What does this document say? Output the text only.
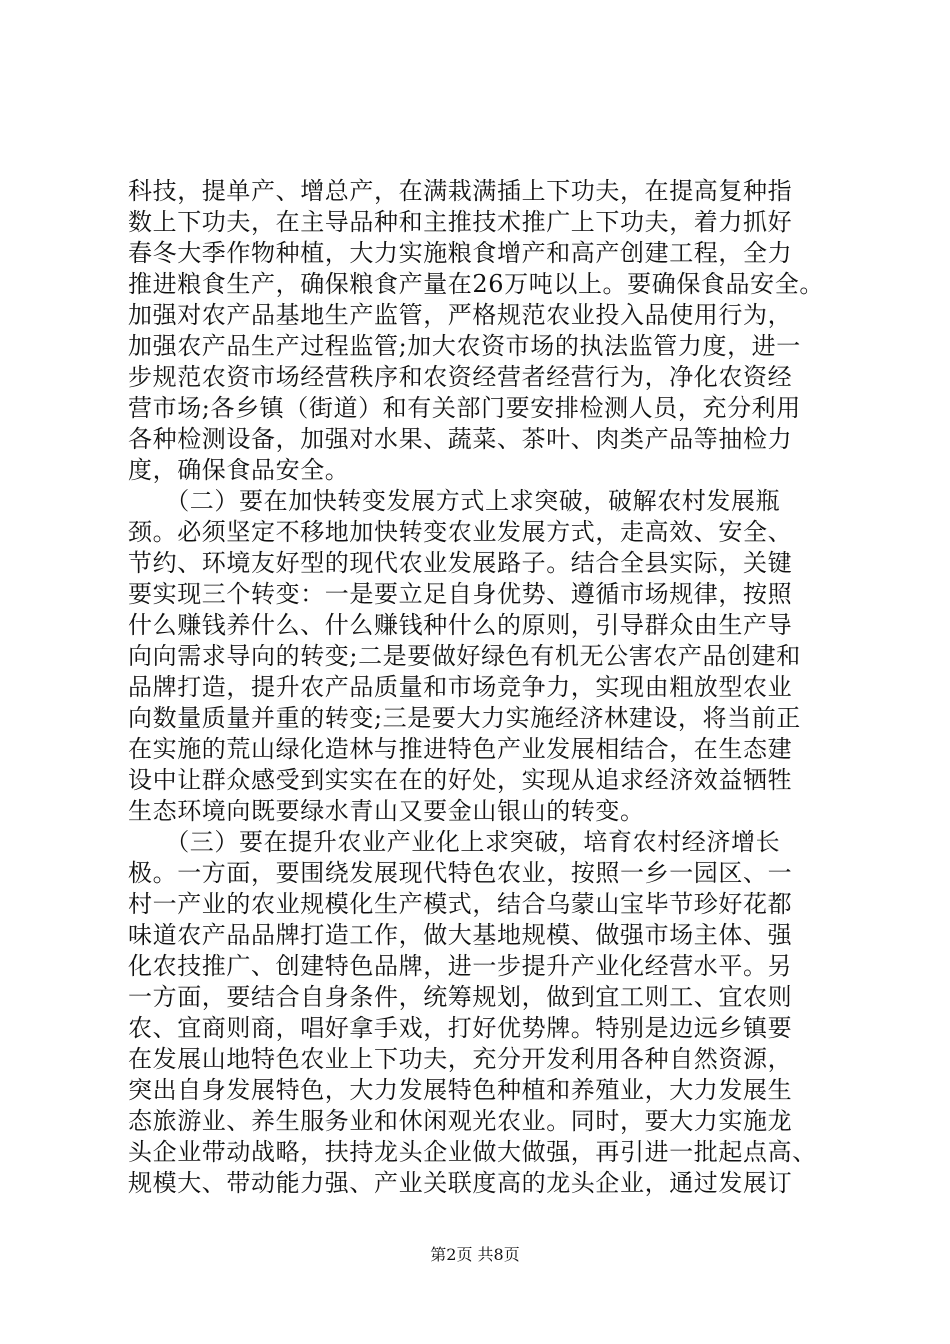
科技，提单产、增总产，在满栽满插上下功夫，在提高复种指
数上下功夫，在主导品种和主推技术推广上下功夫，着力抓好
春冬大季作物种植，大力实施粮食增产和高产创建工程，全力
推进粮食生产，确保粮食产量在26万吨以上。要确保食品安全。
加强对农产品基地生产监管，严格规范农业投入品使用行为，
加强农产品生产过程监管;加大农资市场的执法监管力度，进一
步规范农资市场经营秩序和农资经营者经营行为，净化农资经
营市场;各乡镇（街道）和有关部门要安排检测人员，充分利用
各种检测设备，加强对水果、蔬菜、茶叶、肉类产品等抽检力
度，确保食品安全。
　　（二）要在加快转变发展方式上求突破，破解农村发展瓶
颈。必须坚定不移地加快转变农业发展方式，走高效、安全、
节约、环境友好型的现代农业发展路子。结合全县实际，关键
要实现三个转变：一是要立足自身优势、遵循市场规律，按照
什么赚钱养什么、什么赚钱种什么的原则，引导群众由生产导
向向需求导向的转变;二是要做好绿色有机无公害农产品创建和
品牌打造，提升农产品质量和市场竞争力，实现由粗放型农业
向数量质量并重的转变;三是要大力实施经济林建设，将当前正
在实施的荒山绿化造林与推进特色产业发展相结合，在生态建
设中让群众感受到实实在在的好处，实现从追求经济效益牺牲
生态环境向既要绿水青山又要金山银山的转变。
　　（三）要在提升农业产业化上求突破，培育农村经济增长
极。一方面，要围绕发展现代特色农业，按照一乡一园区、一
村一产业的农业规模化生产模式，结合乌蒙山宝毕节珍好花都
味道农产品品牌打造工作，做大基地规模、做强市场主体、强
化农技推广、创建特色品牌，进一步提升产业化经营水平。另
一方面，要结合自身条件，统筹规划，做到宜工则工、宜农则
农、宜商则商，唱好拿手戏，打好优势牌。特别是边远乡镇要
在发展山地特色农业上下功夫，充分开发利用各种自然资源，
突出自身发展特色，大力发展特色种植和养殖业，大力发展生
态旅游业、养生服务业和休闲观光农业。同时，要大力实施龙
头企业带动战略，扶持龙头企业做大做强，再引进一批起点高、
规模大、带动能力强、产业关联度高的龙头企业，通过发展订
第2页 共8页
